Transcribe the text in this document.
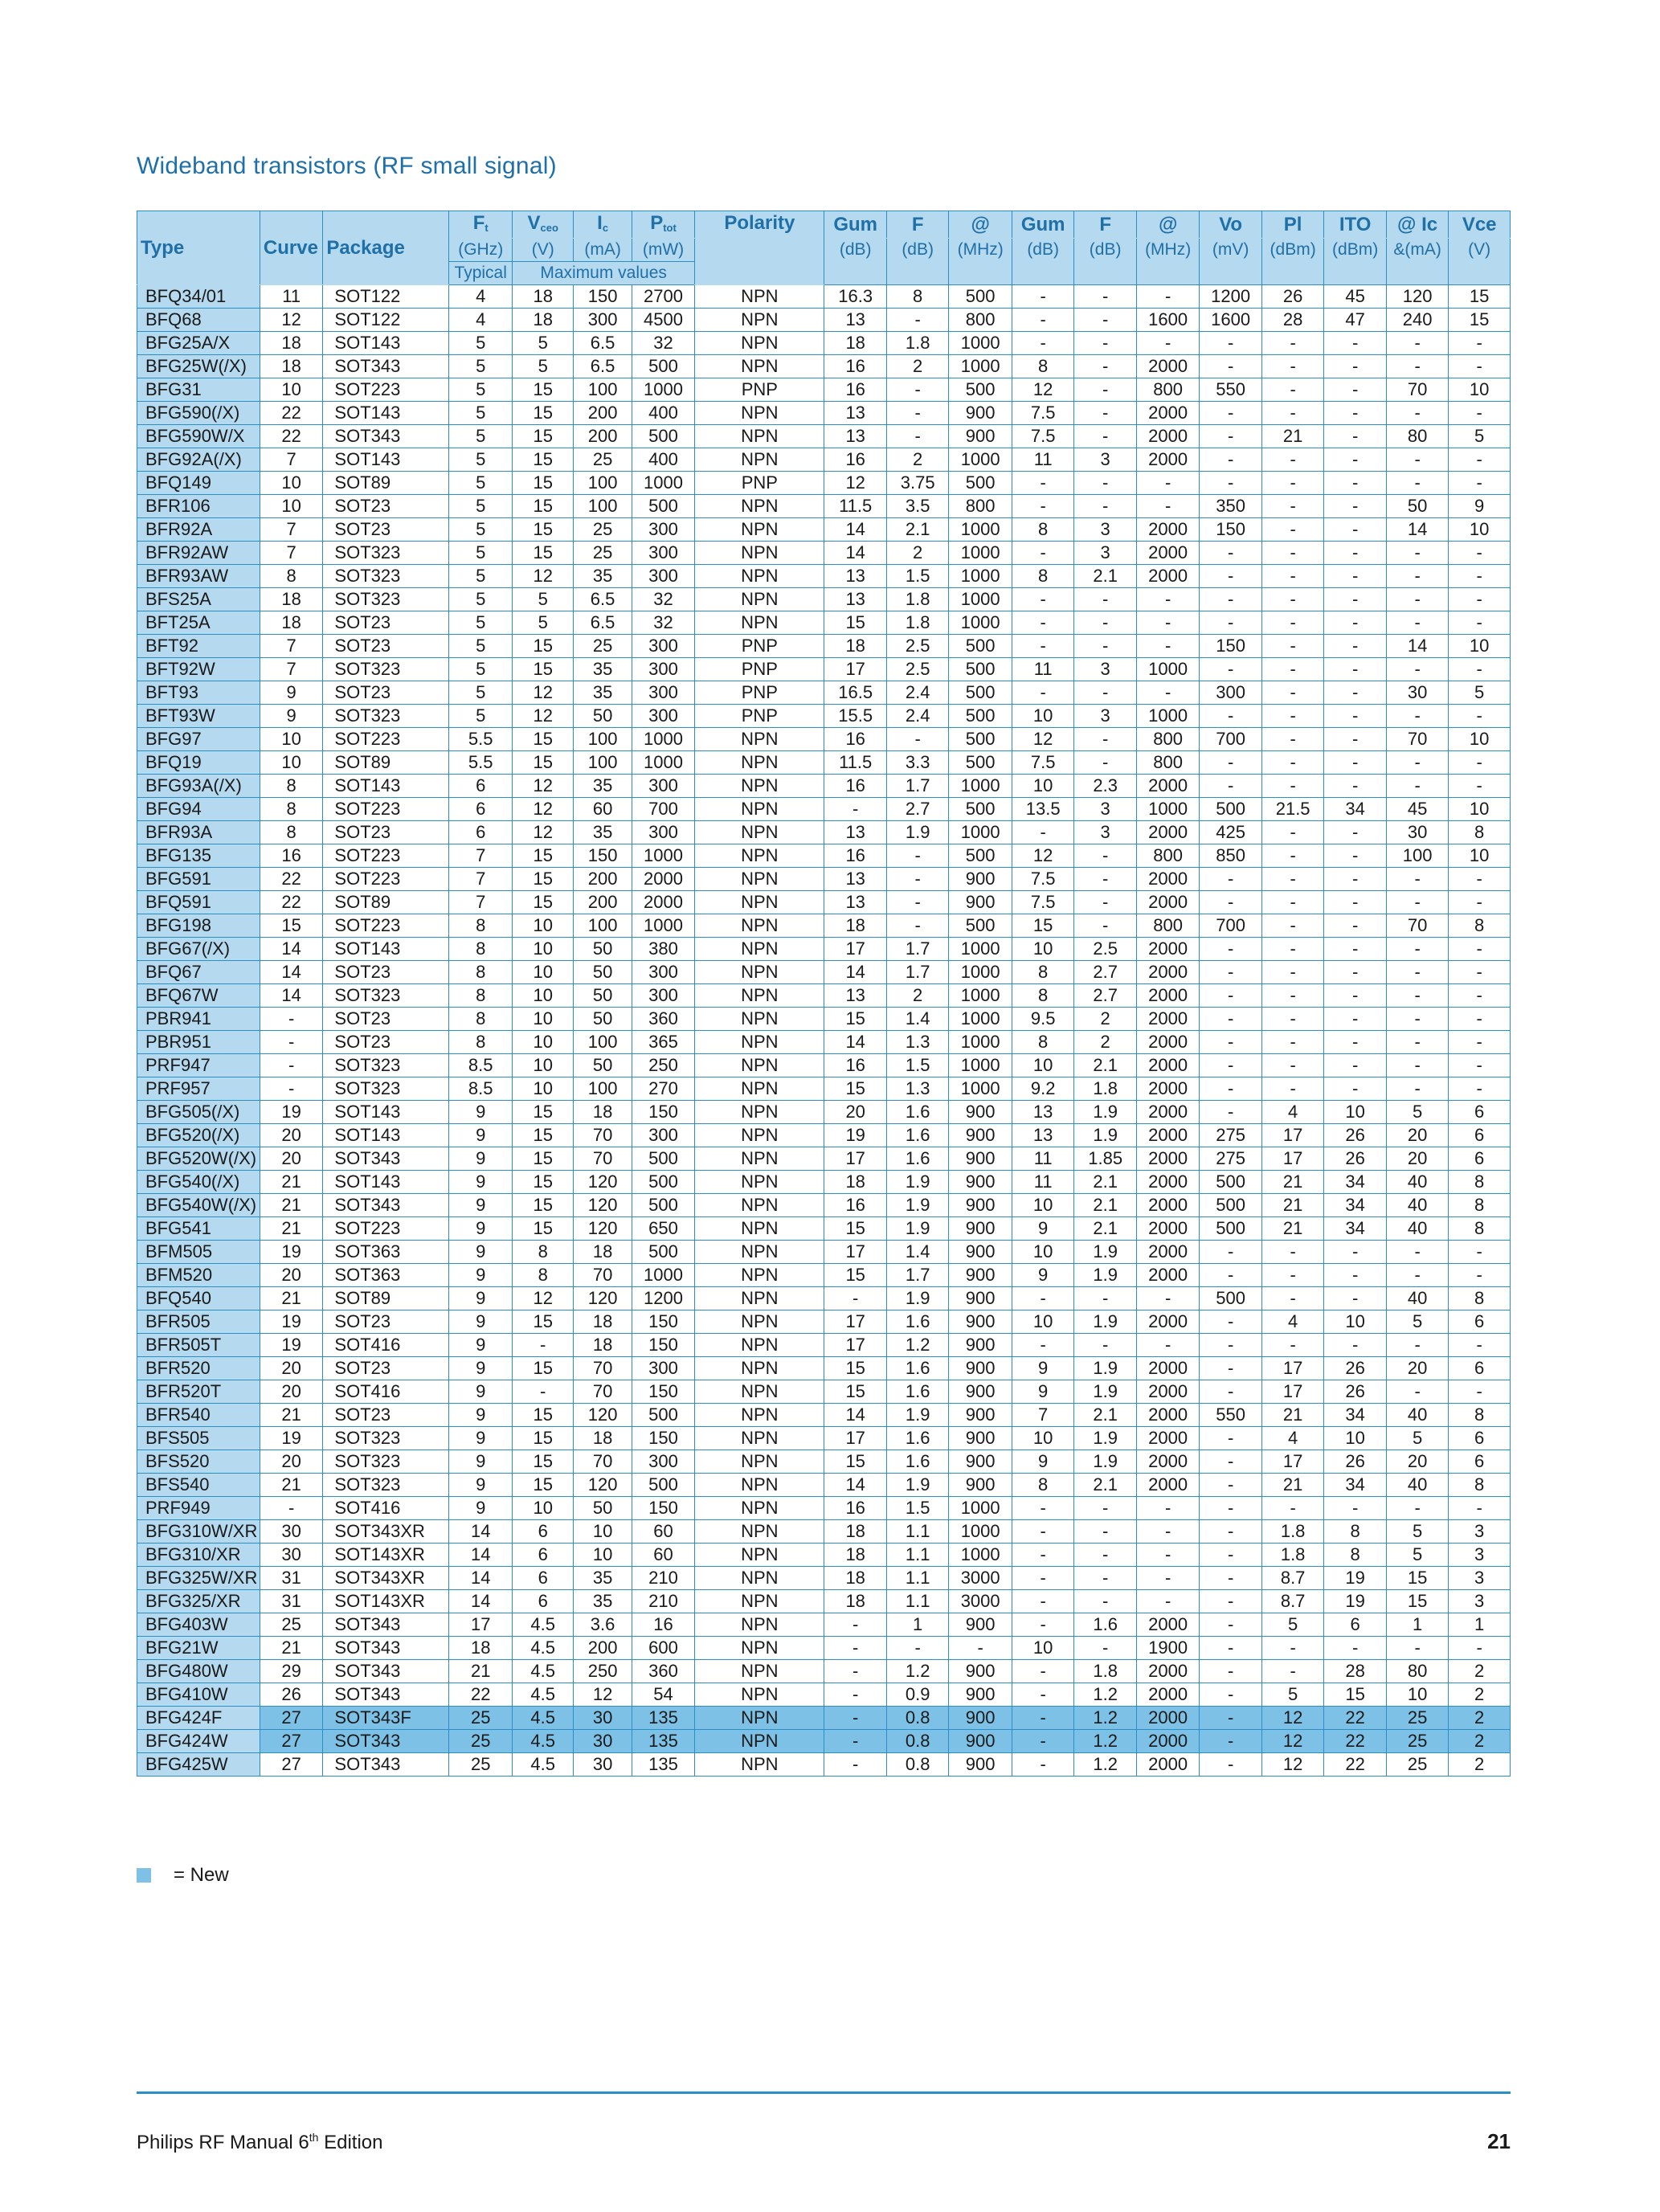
Wideband transistors (RF small signal)
Type	Curve	Package	Ft	Vceo	Ic	Ptot	Polarity	Gum	F	@	Gum	F	@	Vo	Pl	ITO	@ Ic	Vce
			(GHz)	(V)	(mA)	(mW)		(dB)	(dB)	(MHz)	(dB)	(dB)	(MHz)	(mV)	(dBm)	(dBm)	&(mA)	(V)
			Typical	Maximum values														
BFQ34/01	11	SOT122	4	18	150	2700	NPN	16.3	8	500	-	-	-	1200	26	45	120	15
BFQ68	12	SOT122	4	18	300	4500	NPN	13	-	800	-	-	1600	1600	28	47	240	15
BFG25A/X	18	SOT143	5	5	6.5	32	NPN	18	1.8	1000	-	-	-	-	-	-	-	-
BFG25W(/X)	18	SOT343	5	5	6.5	500	NPN	16	2	1000	8	-	2000	-	-	-	-	-
BFG31	10	SOT223	5	15	100	1000	PNP	16	-	500	12	-	800	550	-	-	70	10
BFG590(/X)	22	SOT143	5	15	200	400	NPN	13	-	900	7.5	-	2000	-	-	-	-	-
BFG590W/X	22	SOT343	5	15	200	500	NPN	13	-	900	7.5	-	2000	-	21	-	80	5
BFG92A(/X)	7	SOT143	5	15	25	400	NPN	16	2	1000	11	3	2000	-	-	-	-	-
BFQ149	10	SOT89	5	15	100	1000	PNP	12	3.75	500	-	-	-	-	-	-	-	-
BFR106	10	SOT23	5	15	100	500	NPN	11.5	3.5	800	-	-	-	350	-	-	50	9
BFR92A	7	SOT23	5	15	25	300	NPN	14	2.1	1000	8	3	2000	150	-	-	14	10
BFR92AW	7	SOT323	5	15	25	300	NPN	14	2	1000	-	3	2000	-	-	-	-	-
BFR93AW	8	SOT323	5	12	35	300	NPN	13	1.5	1000	8	2.1	2000	-	-	-	-	-
BFS25A	18	SOT323	5	5	6.5	32	NPN	13	1.8	1000	-	-	-	-	-	-	-	-
BFT25A	18	SOT23	5	5	6.5	32	NPN	15	1.8	1000	-	-	-	-	-	-	-	-
BFT92	7	SOT23	5	15	25	300	PNP	18	2.5	500	-	-	-	150	-	-	14	10
BFT92W	7	SOT323	5	15	35	300	PNP	17	2.5	500	11	3	1000	-	-	-	-	-
BFT93	9	SOT23	5	12	35	300	PNP	16.5	2.4	500	-	-	-	300	-	-	30	5
BFT93W	9	SOT323	5	12	50	300	PNP	15.5	2.4	500	10	3	1000	-	-	-	-	-
BFG97	10	SOT223	5.5	15	100	1000	NPN	16	-	500	12	-	800	700	-	-	70	10
BFQ19	10	SOT89	5.5	15	100	1000	NPN	11.5	3.3	500	7.5	-	800	-	-	-	-	-
BFG93A(/X)	8	SOT143	6	12	35	300	NPN	16	1.7	1000	10	2.3	2000	-	-	-	-	-
BFG94	8	SOT223	6	12	60	700	NPN	-	2.7	500	13.5	3	1000	500	21.5	34	45	10
BFR93A	8	SOT23	6	12	35	300	NPN	13	1.9	1000	-	3	2000	425	-	-	30	8
BFG135	16	SOT223	7	15	150	1000	NPN	16	-	500	12	-	800	850	-	-	100	10
BFG591	22	SOT223	7	15	200	2000	NPN	13	-	900	7.5	-	2000	-	-	-	-	-
BFQ591	22	SOT89	7	15	200	2000	NPN	13	-	900	7.5	-	2000	-	-	-	-	-
BFG198	15	SOT223	8	10	100	1000	NPN	18	-	500	15	-	800	700	-	-	70	8
BFG67(/X)	14	SOT143	8	10	50	380	NPN	17	1.7	1000	10	2.5	2000	-	-	-	-	-
BFQ67	14	SOT23	8	10	50	300	NPN	14	1.7	1000	8	2.7	2000	-	-	-	-	-
BFQ67W	14	SOT323	8	10	50	300	NPN	13	2	1000	8	2.7	2000	-	-	-	-	-
PBR941	-	SOT23	8	10	50	360	NPN	15	1.4	1000	9.5	2	2000	-	-	-	-	-
PBR951	-	SOT23	8	10	100	365	NPN	14	1.3	1000	8	2	2000	-	-	-	-	-
PRF947	-	SOT323	8.5	10	50	250	NPN	16	1.5	1000	10	2.1	2000	-	-	-	-	-
PRF957	-	SOT323	8.5	10	100	270	NPN	15	1.3	1000	9.2	1.8	2000	-	-	-	-	-
BFG505(/X)	19	SOT143	9	15	18	150	NPN	20	1.6	900	13	1.9	2000	-	4	10	5	6
BFG520(/X)	20	SOT143	9	15	70	300	NPN	19	1.6	900	13	1.9	2000	275	17	26	20	6
BFG520W(/X)	20	SOT343	9	15	70	500	NPN	17	1.6	900	11	1.85	2000	275	17	26	20	6
BFG540(/X)	21	SOT143	9	15	120	500	NPN	18	1.9	900	11	2.1	2000	500	21	34	40	8
BFG540W(/X)	21	SOT343	9	15	120	500	NPN	16	1.9	900	10	2.1	2000	500	21	34	40	8
BFG541	21	SOT223	9	15	120	650	NPN	15	1.9	900	9	2.1	2000	500	21	34	40	8
BFM505	19	SOT363	9	8	18	500	NPN	17	1.4	900	10	1.9	2000	-	-	-	-	-
BFM520	20	SOT363	9	8	70	1000	NPN	15	1.7	900	9	1.9	2000	-	-	-	-	-
BFQ540	21	SOT89	9	12	120	1200	NPN	-	1.9	900	-	-	-	500	-	-	40	8
BFR505	19	SOT23	9	15	18	150	NPN	17	1.6	900	10	1.9	2000	-	4	10	5	6
BFR505T	19	SOT416	9	-	18	150	NPN	17	1.2	900	-	-	-	-	-	-	-	-
BFR520	20	SOT23	9	15	70	300	NPN	15	1.6	900	9	1.9	2000	-	17	26	20	6
BFR520T	20	SOT416	9	-	70	150	NPN	15	1.6	900	9	1.9	2000	-	17	26	-	-
BFR540	21	SOT23	9	15	120	500	NPN	14	1.9	900	7	2.1	2000	550	21	34	40	8
BFS505	19	SOT323	9	15	18	150	NPN	17	1.6	900	10	1.9	2000	-	4	10	5	6
BFS520	20	SOT323	9	15	70	300	NPN	15	1.6	900	9	1.9	2000	-	17	26	20	6
BFS540	21	SOT323	9	15	120	500	NPN	14	1.9	900	8	2.1	2000	-	21	34	40	8
PRF949	-	SOT416	9	10	50	150	NPN	16	1.5	1000	-	-	-	-	-	-	-	-
BFG310W/XR	30	SOT343XR	14	6	10	60	NPN	18	1.1	1000	-	-	-	-	1.8	8	5	3
BFG310/XR	30	SOT143XR	14	6	10	60	NPN	18	1.1	1000	-	-	-	-	1.8	8	5	3
BFG325W/XR	31	SOT343XR	14	6	35	210	NPN	18	1.1	3000	-	-	-	-	8.7	19	15	3
BFG325/XR	31	SOT143XR	14	6	35	210	NPN	18	1.1	3000	-	-	-	-	8.7	19	15	3
BFG403W	25	SOT343	17	4.5	3.6	16	NPN	-	1	900	-	1.6	2000	-	5	6	1	1
BFG21W	21	SOT343	18	4.5	200	600	NPN	-	-	-	10	-	1900	-	-	-	-	-
BFG480W	29	SOT343	21	4.5	250	360	NPN	-	1.2	900	-	1.8	2000	-	-	28	80	2
BFG410W	26	SOT343	22	4.5	12	54	NPN	-	0.9	900	-	1.2	2000	-	5	15	10	2
BFG424F	27	SOT343F	25	4.5	30	135	NPN	-	0.8	900	-	1.2	2000	-	12	22	25	2
BFG424W	27	SOT343	25	4.5	30	135	NPN	-	0.8	900	-	1.2	2000	-	12	22	25	2
BFG425W	27	SOT343	25	4.5	30	135	NPN	-	0.8	900	-	1.2	2000	-	12	22	25	2
= New
Philips RF Manual 6th Edition	21
